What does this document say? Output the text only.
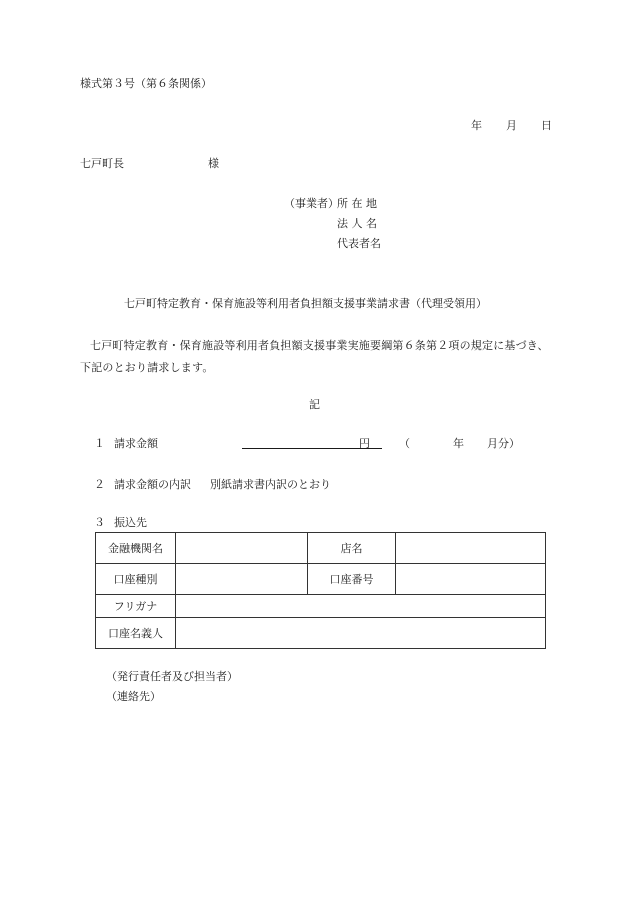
様式第３号（第６条関係）
年 月 日
七戸町長	様
（事業者）
所 在 地
法 人 名
代表者名
七戸町特定教育・保育施設等利用者負担額支援事業請求書（代理受領用）
七戸町特定教育・保育施設等利用者負担額支援事業実施要綱第６条第２項の規定に基づき、下記のとおり請求します。
記
１ 請求金額	円	（	年 月分）
２ 請求金額の内訳 別紙請求書内訳のとおり
３ 振込先
金融機関名		店名	
口座種別		口座番号	
フリガナ			
口座名義人			
（発行責任者及び担当者）
（連絡先）
